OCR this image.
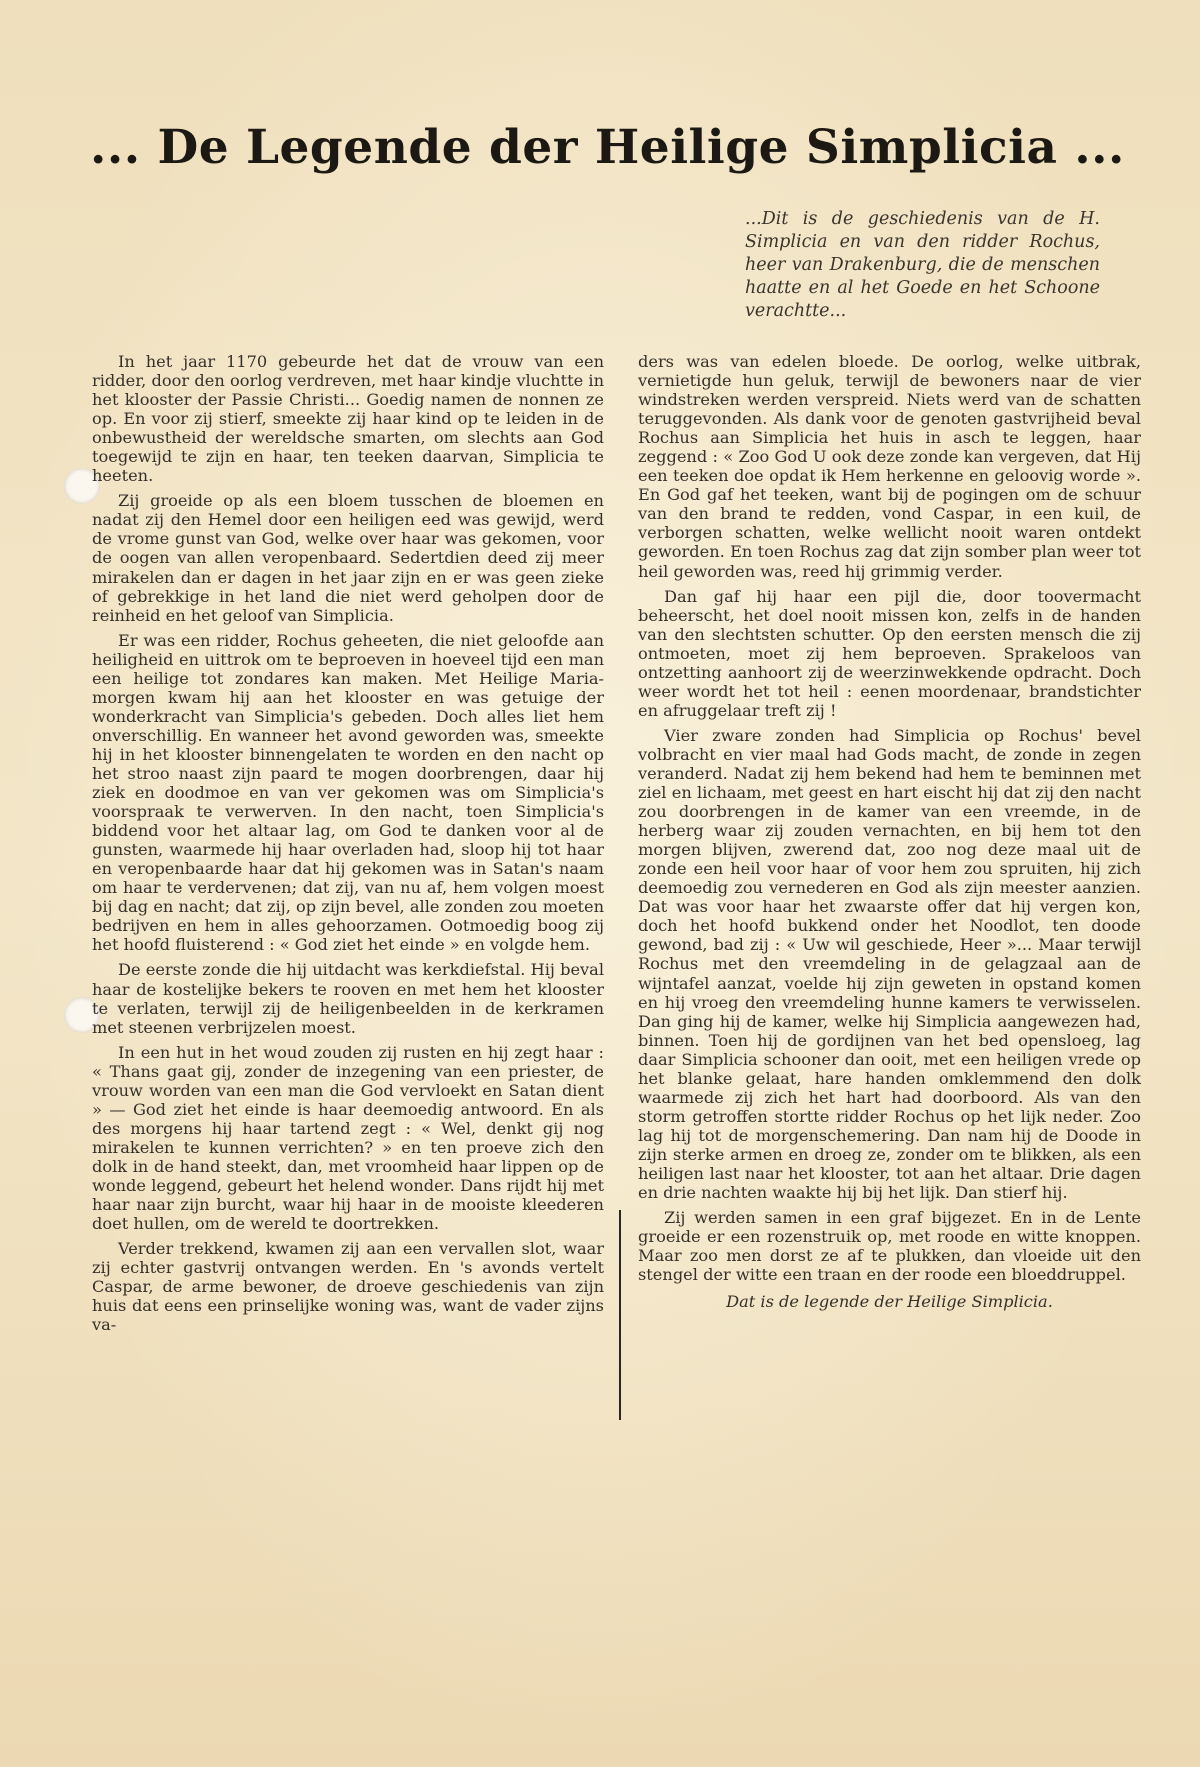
... De Legende der Heilige Simplicia ...

...Dit is de geschiedenis van de H. Simplicia en van den ridder Rochus, heer van Drakenburg, die de menschen haatte en al het Goede en het Schoone verachtte...

In het jaar 1170 gebeurde het dat de vrouw van een ridder, door den oorlog verdreven, met haar kindje vluchtte in het klooster der Passie Christi... Goedig namen de nonnen ze op. En voor zij stierf, smeekte zij haar kind op te leiden in de onbewustheid der wereldsche smarten, om slechts aan God toegewijd te zijn en haar, ten teeken daarvan, Simplicia te heeten.

Zij groeide op als een bloem tusschen de bloemen en nadat zij den Hemel door een heiligen eed was gewijd, werd de vrome gunst van God, welke over haar was gekomen, voor de oogen van allen veropenbaard. Sedertdien deed zij meer mirakelen dan er dagen in het jaar zijn en er was geen zieke of gebrekkige in het land die niet werd geholpen door de reinheid en het geloof van Simplicia.

Er was een ridder, Rochus geheeten, die niet geloofde aan heiligheid en uittrok om te beproeven in hoeveel tijd een man een heilige tot zondares kan maken. Met Heilige Maria-morgen kwam hij aan het klooster en was getuige der wonderkracht van Simplicia's gebeden. Doch alles liet hem onverschillig. En wanneer het avond geworden was, smeekte hij in het klooster binnengelaten te worden en den nacht op het stroo naast zijn paard te mogen doorbrengen, daar hij ziek en doodmoe en van ver gekomen was om Simplicia's voorspraak te verwerven. In den nacht, toen Simplicia's biddend voor het altaar lag, om God te danken voor al de gunsten, waarmede hij haar overladen had, sloop hij tot haar en veropenbaarde haar dat hij gekomen was in Satan's naam om haar te verdervenen; dat zij, van nu af, hem volgen moest bij dag en nacht; dat zij, op zijn bevel, alle zonden zou moeten bedrijven en hem in alles gehoorzamen. Ootmoedig boog zij het hoofd fluisterend : « God ziet het einde » en volgde hem.

De eerste zonde die hij uitdacht was kerkdiefstal. Hij beval haar de kostelijke bekers te rooven en met hem het klooster te verlaten, terwijl zij de heiligenbeelden in de kerkramen met steenen verbrijzelen moest.

In een hut in het woud zouden zij rusten en hij zegt haar : « Thans gaat gij, zonder de inzegening van een priester, de vrouw worden van een man die God vervloekt en Satan dient » — God ziet het einde is haar deemoedig antwoord. En als des morgens hij haar tartend zegt : « Wel, denkt gij nog mirakelen te kunnen verrichten? » en ten proeve zich den dolk in de hand steekt, dan, met vroomheid haar lippen op de wonde leggend, gebeurt het helend wonder. Dans rijdt hij met haar naar zijn burcht, waar hij haar in de mooiste kleederen doet hullen, om de wereld te doortrekken.

Verder trekkend, kwamen zij aan een vervallen slot, waar zij echter gastvrij ontvangen werden. En 's avonds vertelt Caspar, de arme bewoner, de droeve geschiedenis van zijn huis dat eens een prinselijke woning was, want de vader zijns va-

ders was van edelen bloede. De oorlog, welke uitbrak, vernietigde hun geluk, terwijl de bewoners naar de vier windstreken werden verspreid. Niets werd van de schatten teruggevonden. Als dank voor de genoten gastvrijheid beval Rochus aan Simplicia het huis in asch te leggen, haar zeggend : « Zoo God U ook deze zonde kan vergeven, dat Hij een teeken doe opdat ik Hem herkenne en geloovig worde ». En God gaf het teeken, want bij de pogingen om de schuur van den brand te redden, vond Caspar, in een kuil, de verborgen schatten, welke wellicht nooit waren ontdekt geworden. En toen Rochus zag dat zijn somber plan weer tot heil geworden was, reed hij grimmig verder.

Dan gaf hij haar een pijl die, door toovermacht beheerscht, het doel nooit missen kon, zelfs in de handen van den slechtsten schutter. Op den eersten mensch die zij ontmoeten, moet zij hem beproeven. Sprakeloos van ontzetting aanhoort zij de weerzinwekkende opdracht. Doch weer wordt het tot heil : eenen moordenaar, brandstichter en afruggelaar treft zij !

Vier zware zonden had Simplicia op Rochus' bevel volbracht en vier maal had Gods macht, de zonde in zegen veranderd. Nadat zij hem bekend had hem te beminnen met ziel en lichaam, met geest en hart eischt hij dat zij den nacht zou doorbrengen in de kamer van een vreemde, in de herberg waar zij zouden vernachten, en bij hem tot den morgen blijven, zwerend dat, zoo nog deze maal uit de zonde een heil voor haar of voor hem zou spruiten, hij zich deemoedig zou vernederen en God als zijn meester aanzien. Dat was voor haar het zwaarste offer dat hij vergen kon, doch het hoofd bukkend onder het Noodlot, ten doode gewond, bad zij : « Uw wil geschiede, Heer »... Maar terwijl Rochus met den vreemdeling in de gelagzaal aan de wijntafel aanzat, voelde hij zijn geweten in opstand komen en hij vroeg den vreemdeling hunne kamers te verwisselen. Dan ging hij de kamer, welke hij Simplicia aangewezen had, binnen. Toen hij de gordijnen van het bed opensloeg, lag daar Simplicia schooner dan ooit, met een heiligen vrede op het blanke gelaat, hare handen omklemmend den dolk waarmede zij zich het hart had doorboord. Als van den storm getroffen stortte ridder Rochus op het lijk neder. Zoo lag hij tot de morgenschemering. Dan nam hij de Doode in zijn sterke armen en droeg ze, zonder om te blikken, als een heiligen last naar het klooster, tot aan het altaar. Drie dagen en drie nachten waakte hij bij het lijk. Dan stierf hij.

Zij werden samen in een graf bijgezet. En in de Lente groeide er een rozenstruik op, met roode en witte knoppen. Maar zoo men dorst ze af te plukken, dan vloeide uit den stengel der witte een traan en der roode een bloeddruppel.

Dat is de legende der Heilige Simplicia.
